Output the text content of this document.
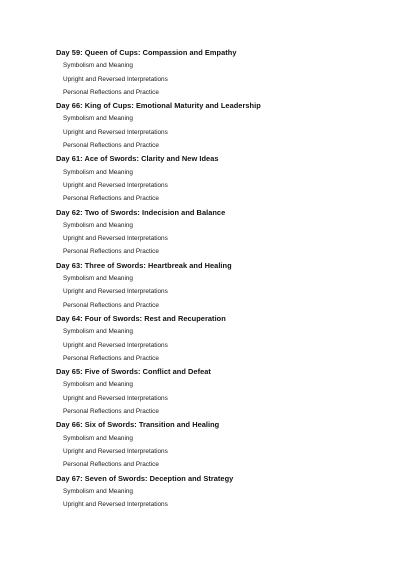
Day 59: Queen of Cups: Compassion and Empathy
Symbolism and Meaning
Upright and Reversed Interpretations
Personal Reflections and Practice
Day 66: King of Cups: Emotional Maturity and Leadership
Symbolism and Meaning
Upright and Reversed Interpretations
Personal Reflections and Practice
Day 61: Ace of Swords: Clarity and New Ideas
Symbolism and Meaning
Upright and Reversed Interpretations
Personal Reflections and Practice
Day 62: Two of Swords: Indecision and Balance
Symbolism and Meaning
Upright and Reversed Interpretations
Personal Reflections and Practice
Day 63: Three of Swords: Heartbreak and Healing
Symbolism and Meaning
Upright and Reversed Interpretations
Personal Reflections and Practice
Day 64: Four of Swords: Rest and Recuperation
Symbolism and Meaning
Upright and Reversed Interpretations
Personal Reflections and Practice
Day 65: Five of Swords: Conflict and Defeat
Symbolism and Meaning
Upright and Reversed Interpretations
Personal Reflections and Practice
Day 66: Six of Swords: Transition and Healing
Symbolism and Meaning
Upright and Reversed Interpretations
Personal Reflections and Practice
Day 67: Seven of Swords: Deception and Strategy
Symbolism and Meaning
Upright and Reversed Interpretations
